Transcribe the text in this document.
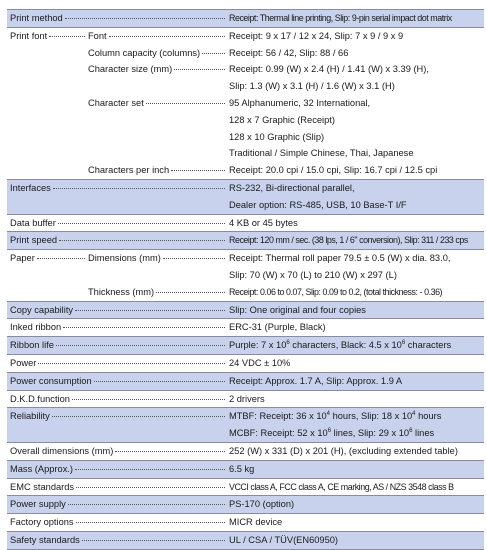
Print method	Receipt: Thermal line printing, Slip: 9-pin serial impact dot matrix
Print font	Font	Receipt: 9 x 17 / 12 x 24, Slip: 7 x 9 / 9 x 9
Column capacity (columns)	Receipt: 56 / 42, Slip: 88 / 66
Character size (mm)	Receipt: 0.99 (W) x 2.4 (H) / 1.41 (W) x 3.39 (H),
Slip: 1.3 (W) x 3.1 (H) / 1.6 (W) x 3.1 (H)
Character set	95 Alphanumeric, 32 International,
128 x 7 Graphic (Receipt)
128 x 10 Graphic (Slip)
Traditional / Simple Chinese, Thai, Japanese
Characters per inch	Receipt: 20.0 cpi / 15.0 cpi, Slip: 16.7 cpi / 12.5 cpi
Interfaces	RS-232, Bi-directional parallel,
Dealer option: RS-485, USB, 10 Base-T I/F
Data buffer	4 KB or 45 bytes
Print speed	Receipt: 120 mm / sec. (38 lps, 1 / 6" conversion), Slip: 311 / 233 cps
Paper	Dimensions (mm)	Receipt: Thermal roll paper 79.5 ± 0.5 (W) x dia. 83.0,
Slip: 70 (W) x 70 (L) to 210 (W) x 297 (L)
Thickness (mm)	Receipt: 0.06 to 0.07, Slip: 0.09 to 0.2, (total thickness: - 0.36)
Copy capability	Slip: One original and four copies
Inked ribbon	ERC-31 (Purple, Black)
Ribbon life	Purple: 7 x $10^6$ characters, Black: 4.5 x $10^6$ characters
Power	24 VDC ± 10%
Power consumption	Receipt: Approx. 1.7 A, Slip: Approx. 1.9 A
D.K.D.function	2 drivers
Reliability	MTBF: Receipt: 36 x $10^4$ hours, Slip: 18 x $10^4$ hours
MCBF: Receipt: 52 x $10^6$ lines, Slip: 29 x $10^6$ lines
Overall dimensions (mm)	252 (W) x 331 (D) x 201 (H), (excluding extended table)
Mass (Approx.)	6.5 kg
EMC standards	VCCI class A, FCC class A, CE marking, AS / NZS 3548 class B
Power supply	PS-170 (option)
Factory options	MICR device
Safety standards	UL / CSA / TÜV(EN60950)
